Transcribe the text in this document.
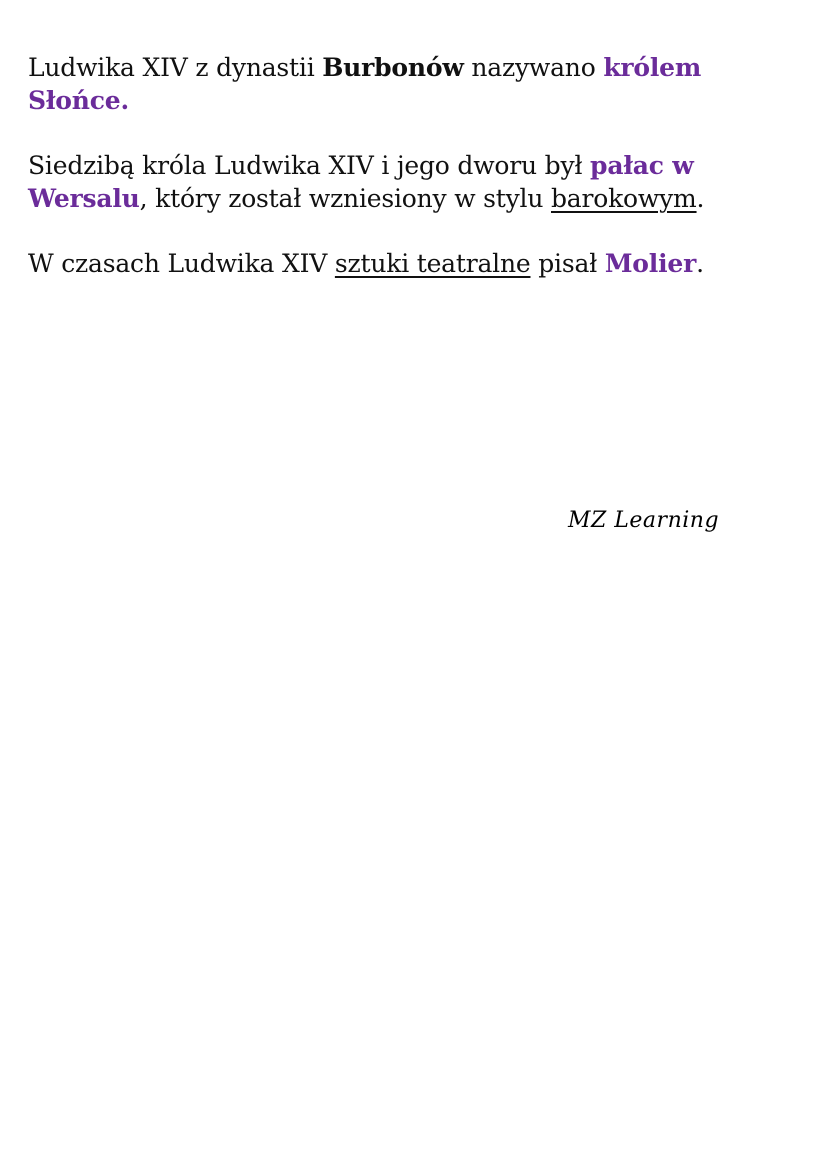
Ludwika XIV z dynastii Burbonów nazywano królem Słońce.

Siedzibą króla Ludwika XIV i jego dworu był pałac w Wersalu, który został wzniesiony w stylu barokowym.

W czasach Ludwika XIV sztuki teatralne pisał Molier.

MZ Learning
